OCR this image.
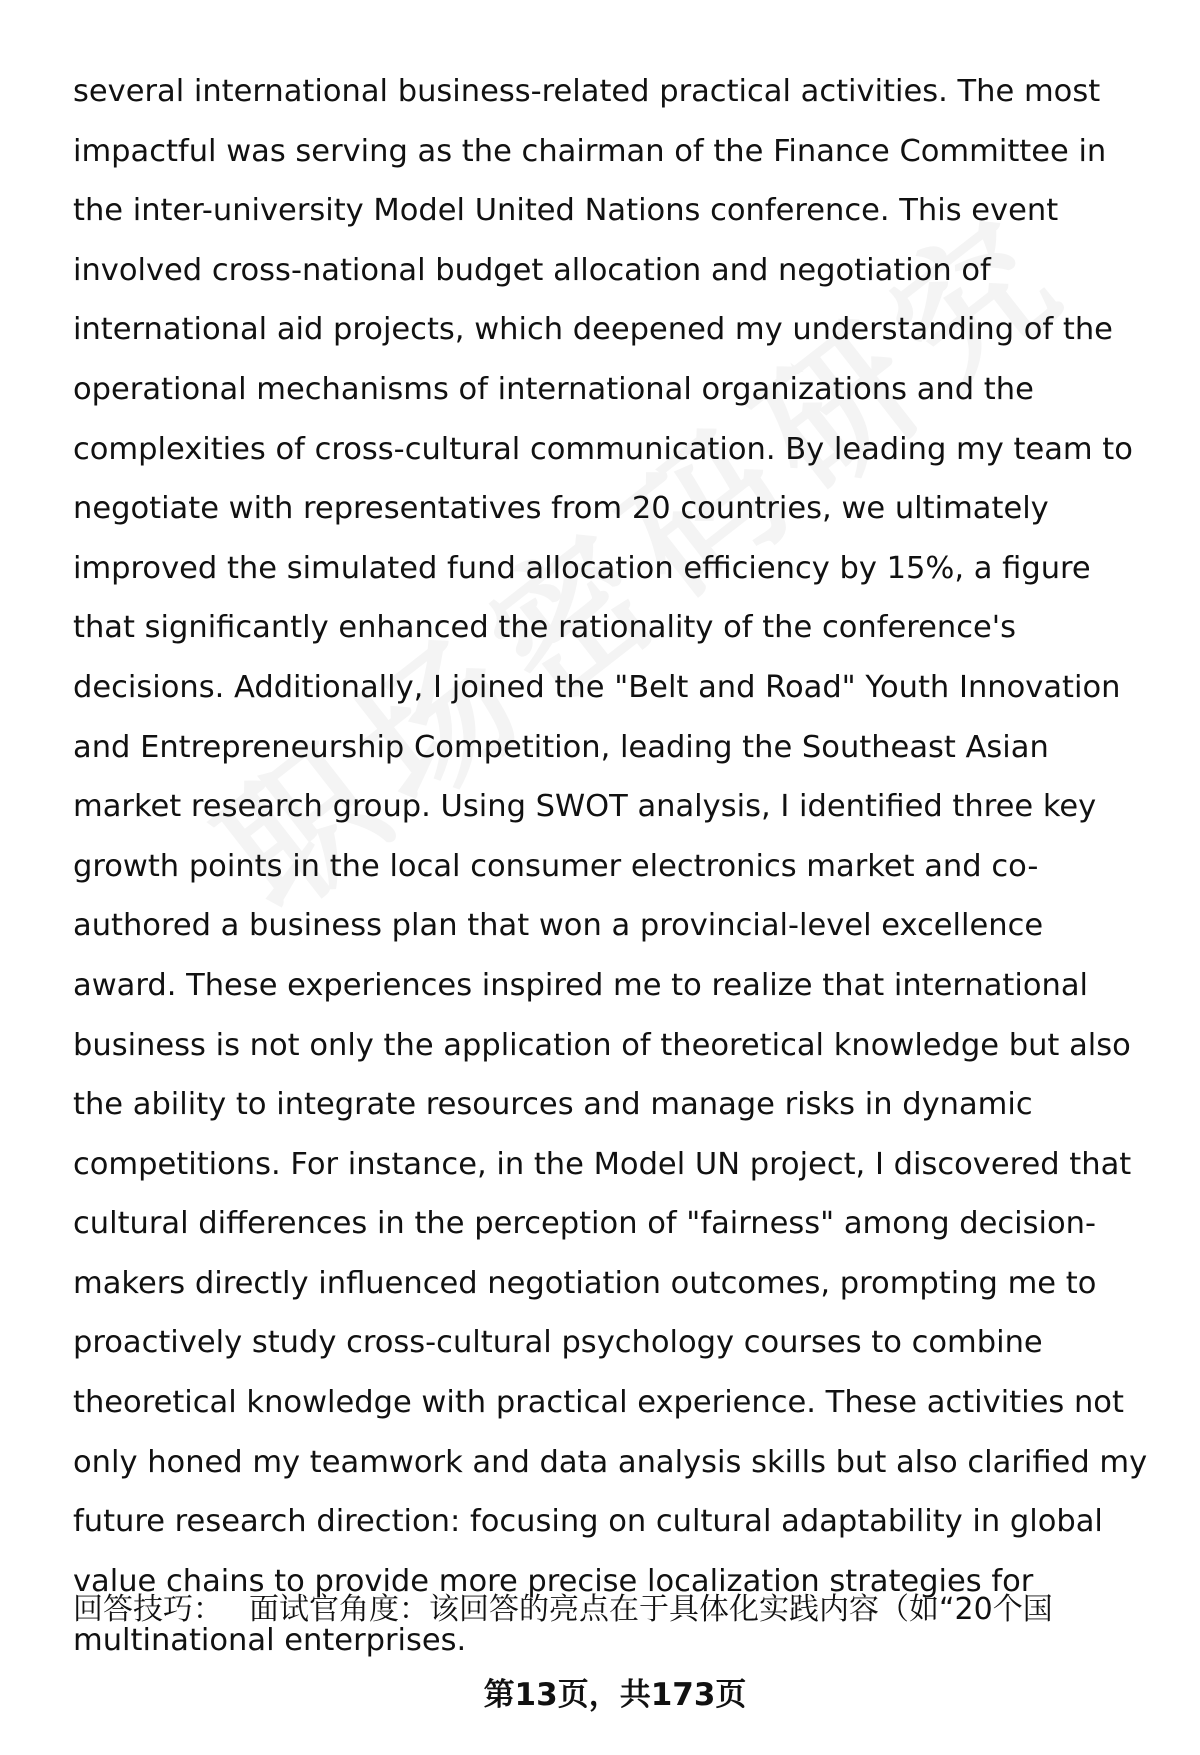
several international business-related practical activities. The most impactful was serving as the chairman of the Finance Committee in the inter-university Model United Nations conference. This event involved cross-national budget allocation and negotiation of international aid projects, which deepened my understanding of the operational mechanisms of international organizations and the complexities of cross-cultural communication. By leading my team to negotiate with representatives from 20 countries, we ultimately improved the simulated fund allocation efficiency by 15%, a figure that significantly enhanced the rationality of the conference's decisions. Additionally, I joined the "Belt and Road" Youth Innovation and Entrepreneurship Competition, leading the Southeast Asian market research group. Using SWOT analysis, I identified three key growth points in the local consumer electronics market and co-authored a business plan that won a provincial-level excellence award. These experiences inspired me to realize that international business is not only the application of theoretical knowledge but also the ability to integrate resources and manage risks in dynamic competitions. For instance, in the Model UN project, I discovered that cultural differences in the perception of "fairness" among decision-makers directly influenced negotiation outcomes, prompting me to proactively study cross-cultural psychology courses to combine theoretical knowledge with practical experience. These activities not only honed my teamwork and data analysis skills but also clarified my future research direction: focusing on cultural adaptability in global value chains to provide more precise localization strategies for multinational enterprises.

回答技巧： 面试官角度：该回答的亮点在于具体化实践内容（如“20个国
第13页，共173页
